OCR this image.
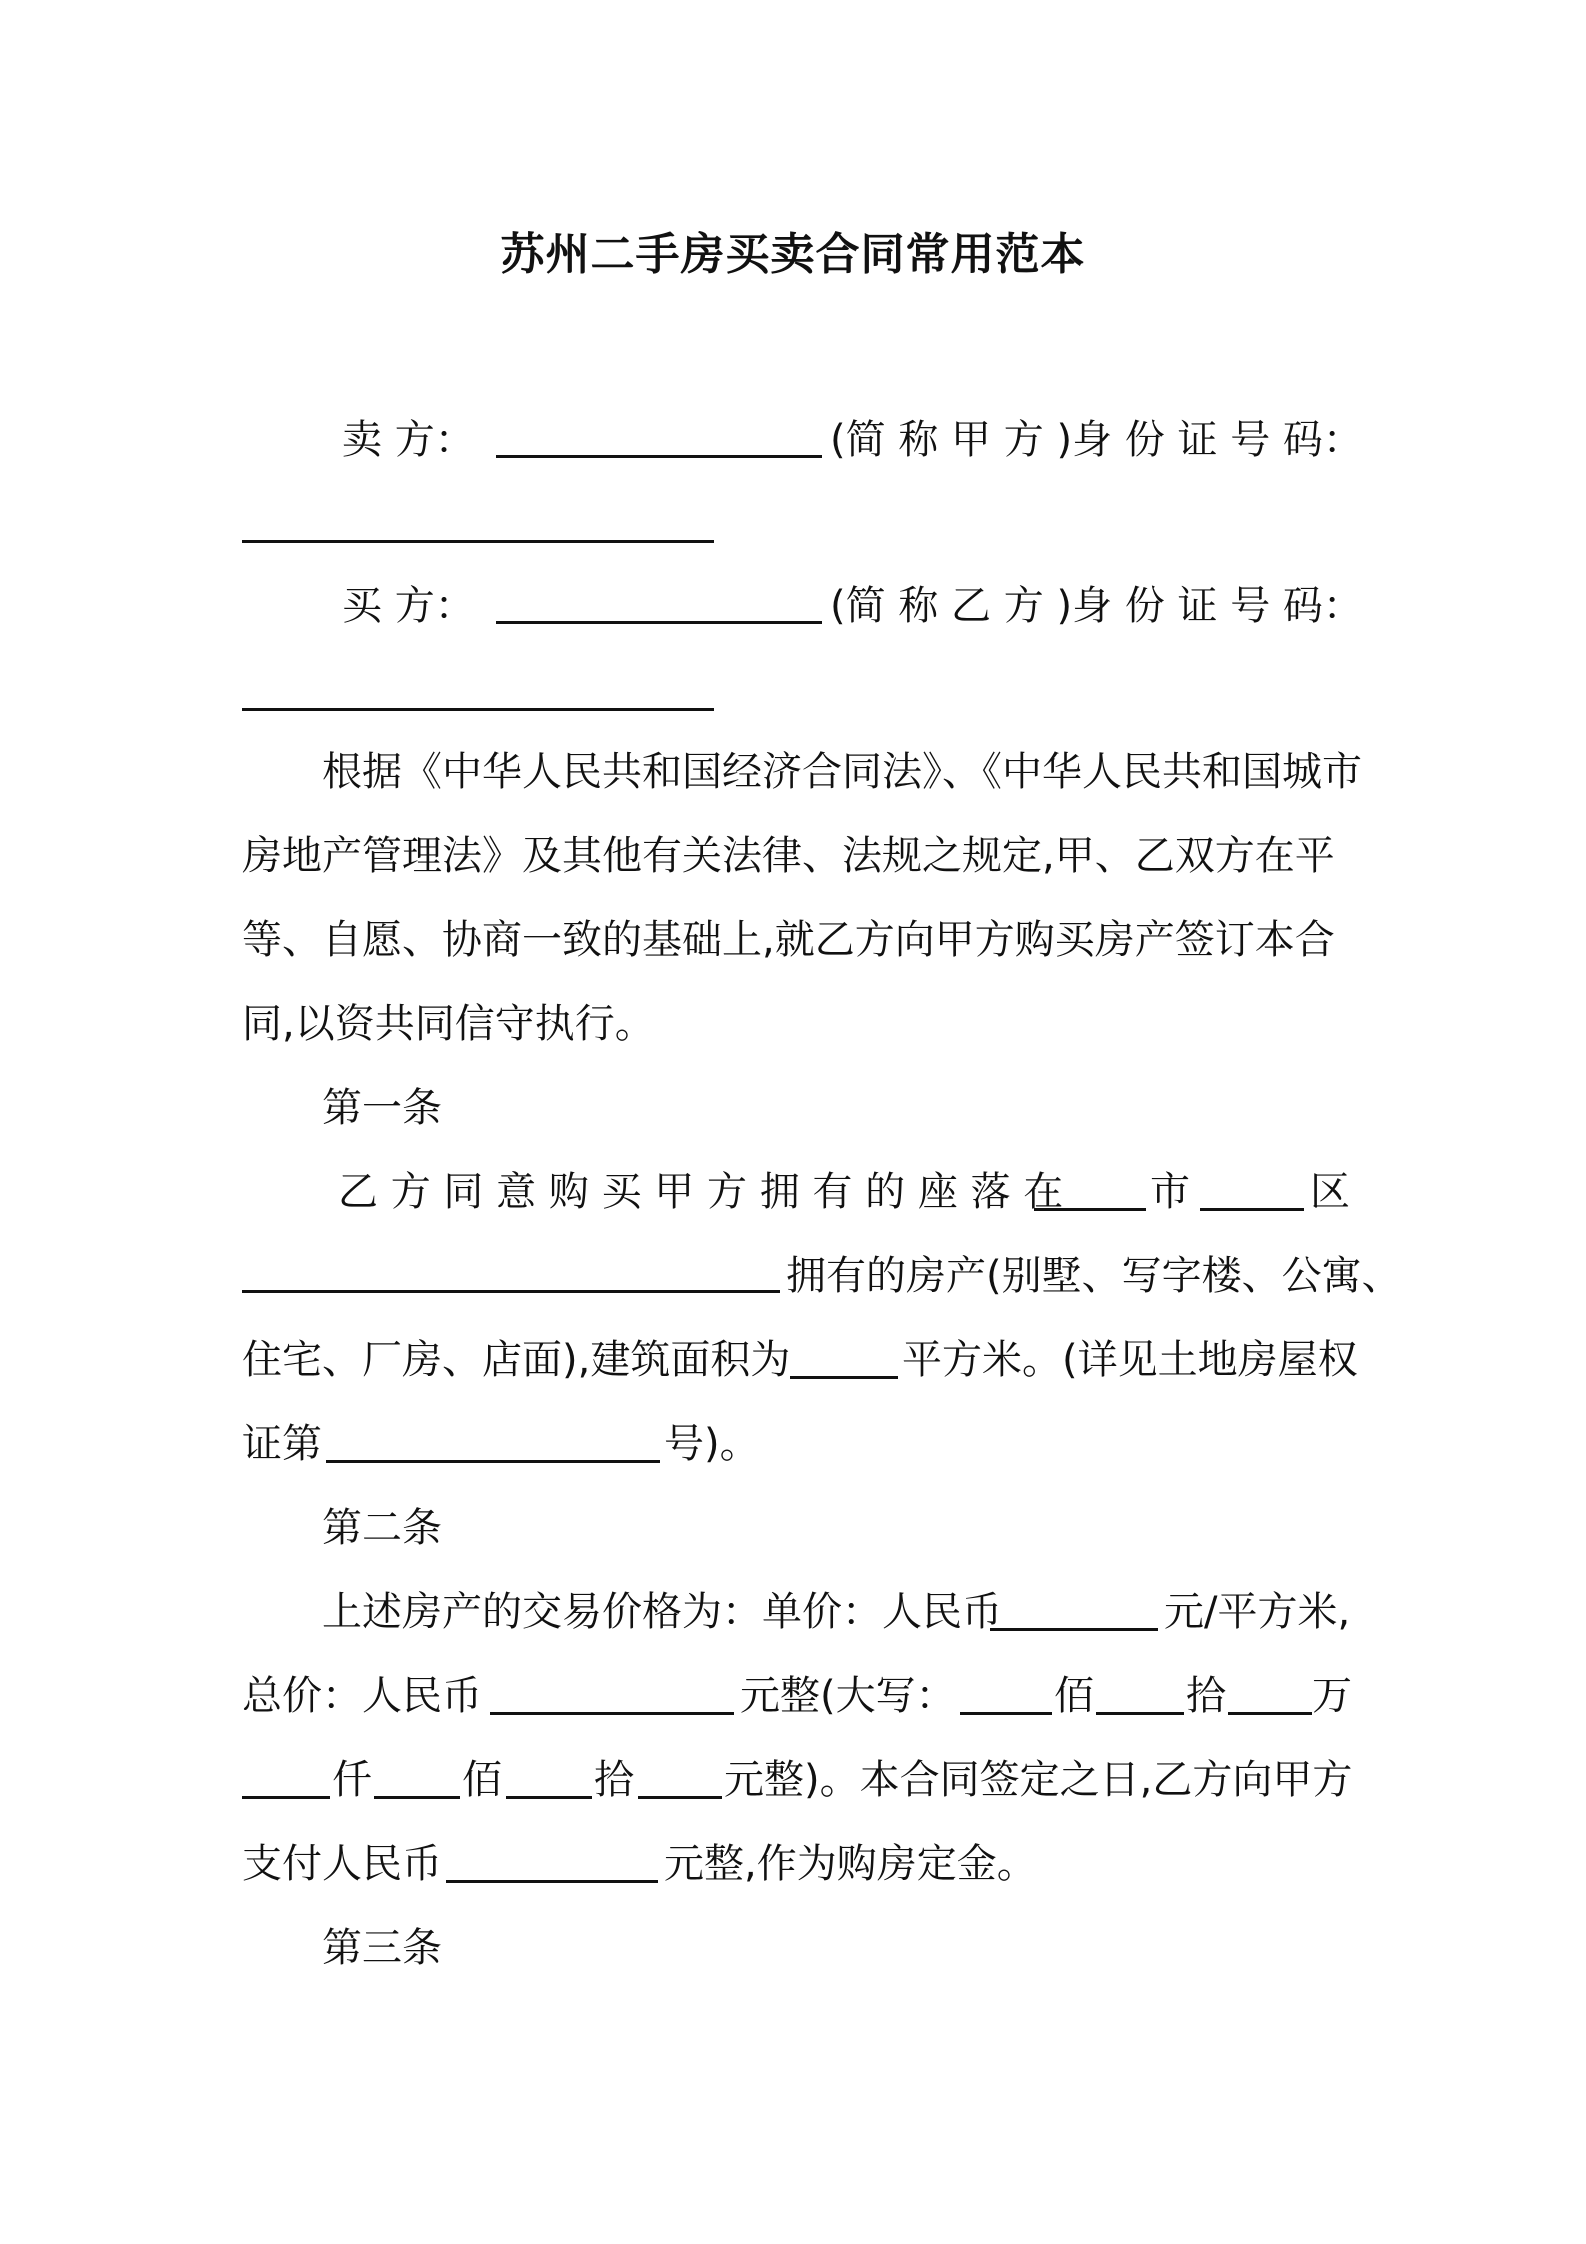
苏州二手房买卖合同常用范本
卖 方：	(简 称 甲 方 )身 份 证 号 码：
买 方：	(简 称 乙 方 )身 份 证 号 码：
根据《中华人民共和国经济合同法》、《中华人民共和国城市
房地产管理法》及其他有关法律、法规之规定,甲、乙双方在平
等、自愿、协商一致的基础上,就乙方向甲方购买房产签订本合
同,以资共同信守执行。
第一条
乙 方 同 意 购 买 甲 方 拥 有 的 座 落 在 市	区
拥有的房产(别墅、写字楼、公寓、
住宅、厂房、店面),建筑面积为	平方米。(详见土地房屋权
证第	号)。
第二条
上述房产的交易价格为：单价：人民币	元/平方米,
总价：人民币	元整(大写： 佰 拾 万
仟 佰 拾 元整)。本合同签定之日,乙方向甲方
支付人民币	元整,作为购房定金。
第三条
